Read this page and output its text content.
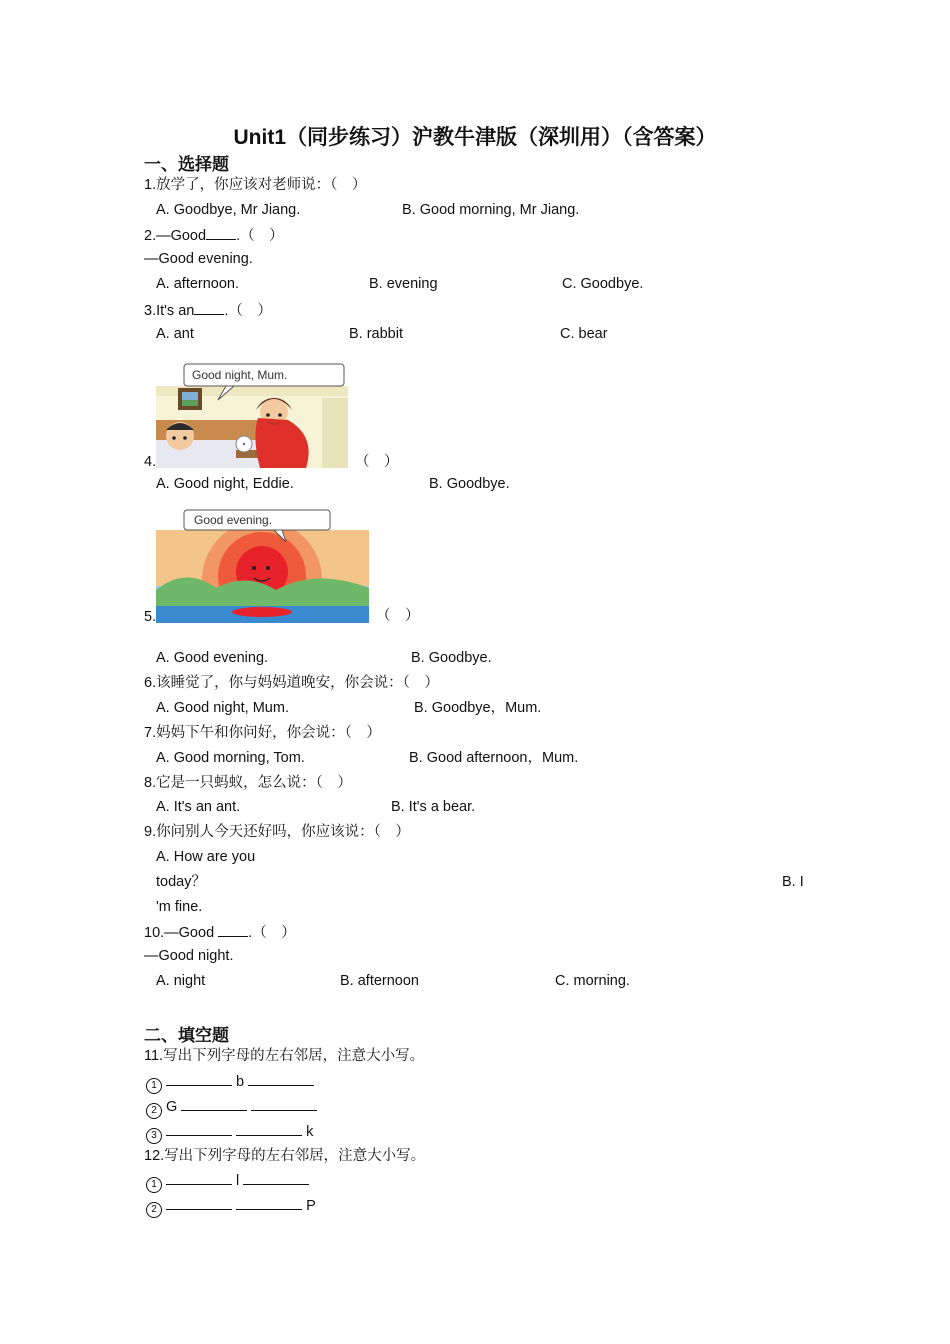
Unit1（同步练习）沪教牛津版（深圳用）（含答案）
一、选择题
1.放学了，你应该对老师说：（　）
A. Goodbye, Mr Jiang.	B. Good morning, Mr Jiang.
2.—Good .（　）
—Good evening.
A. afternoon.	B. evening	C. Goodbye.
3.It's an .（　）
A. ant	B. rabbit	C. bear
4.
Good night, Mum.
（　）
A. Good night, Eddie.	B. Goodbye.
5.
Good evening.
（　）
A. Good evening.	B. Goodbye.
6.该睡觉了，你与妈妈道晚安，你会说：（　）
A. Good night, Mum.	B. Goodbye，Mum.
7.妈妈下午和你问好，你会说：（　）
A. Good morning, Tom.	B. Good afternoon，Mum.
8.它是一只蚂蚁，怎么说：（　）
A. It's an ant.	B. It's a bear.
9.你问别人今天还好吗，你应该说：（　）
A. How are you
today？	B. I
'm fine.
10.—Good .（　）
—Good night.
A. night	B. afternoon	C. morning.
二、填空题
11.写出下列字母的左右邻居，注意大小写。
1	b
2 G
3	k
12.写出下列字母的左右邻居，注意大小写。
1	l
2	P
